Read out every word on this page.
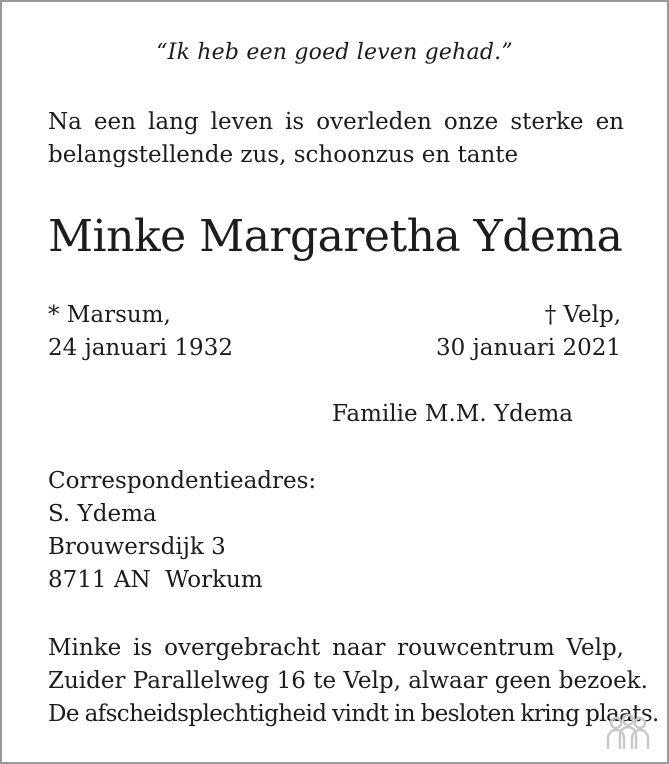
“Ik heb een goed leven gehad.”
Na een lang leven is overleden onze sterke en
belangstellende zus, schoonzus en tante
Minke Margaretha Ydema
* Marsum,
24 januari 1932
† Velp,
30 januari 2021
Familie M.M. Ydema
Correspondentieadres:
S. Ydema
Brouwersdijk 3
8711 AN  Workum
Minke is overgebracht naar rouwcentrum Velp,
Zuider Parallelweg 16 te Velp, alwaar geen bezoek.
De afscheidsplechtigheid vindt in besloten kring plaats.
